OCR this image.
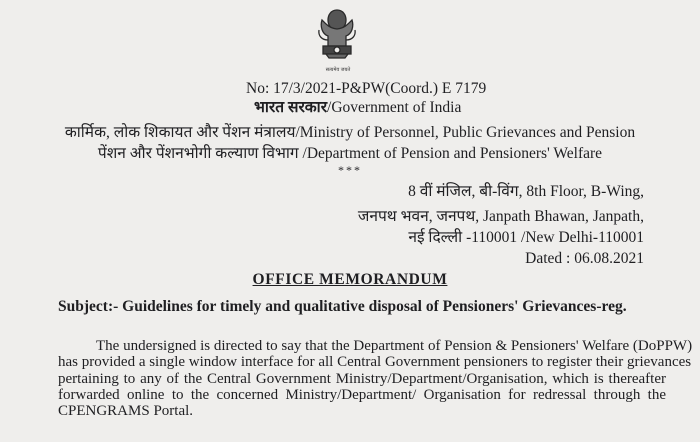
सत्यमेव जयते
No: 17/3/2021-P&PW(Coord.) E 7179
भारत सरकार/Government of India
कार्मिक, लोक शिकायत और पेंशन मंत्रालय/Ministry of Personnel, Public Grievances and Pension
पेंशन और पेंशनभोगी कल्याण विभाग /Department of Pension and Pensioners' Welfare
***
8 वीं मंजिल, बी-विंग, 8th Floor, B-Wing,
जनपथ भवन, जनपथ, Janpath Bhawan, Janpath,
नई दिल्ली -110001 /New Delhi-110001
Dated : 06.08.2021
OFFICE MEMORANDUM
Subject:- Guidelines for timely and qualitative disposal of Pensioners' Grievances-reg.
The undersigned is directed to say that the Department of Pension & Pensioners' Welfare (DoPPW)
has provided a single window interface for all Central Government pensioners to register their grievances
pertaining to any of the Central Government Ministry/Department/Organisation, which is thereafter
forwarded online to the concerned Ministry/Department/ Organisation for redressal through the
CPENGRAMS Portal.
